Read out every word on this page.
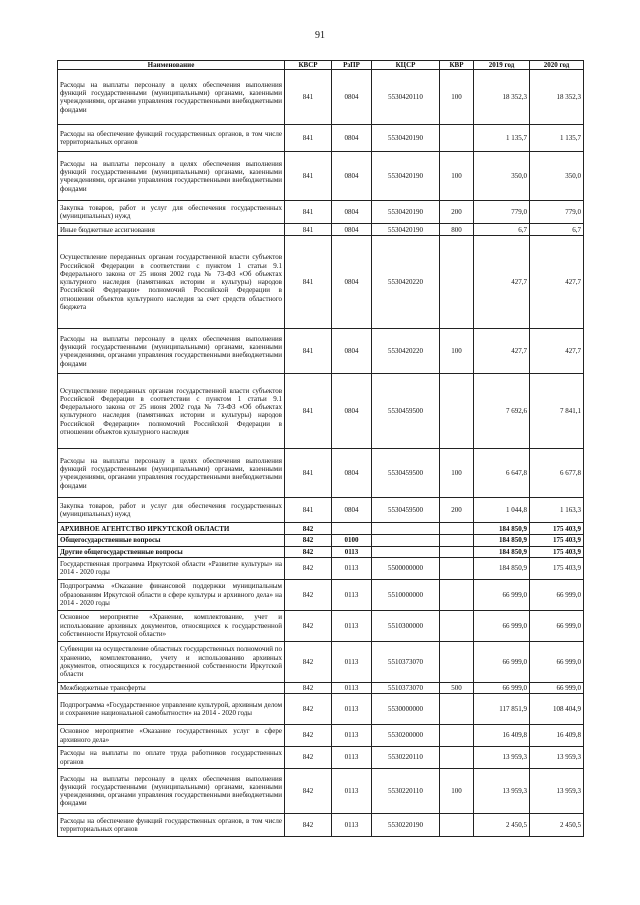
91
Наименование	КВСР	РзПР	КЦСР	КВР	2019 год	2020 год
Расходы на выплаты персоналу в целях обеспечения выполнения функций государственными (муниципальными) органами, казенными учреждениями, органами управления государственными внебюджетными фондами	841	0804	5530420110	100	18 352,3	18 352,3
Расходы на обеспечение функций государственных органов, в том числе территориальных органов	841	0804	5530420190		1 135,7	1 135,7
Расходы на выплаты персоналу в целях обеспечения выполнения функций государственными (муниципальными) органами, казенными учреждениями, органами управления государственными внебюджетными фондами	841	0804	5530420190	100	350,0	350,0
Закупка товаров, работ и услуг для обеспечения государственных (муниципальных) нужд	841	0804	5530420190	200	779,0	779,0
Иные бюджетные ассигнования	841	0804	5530420190	800	6,7	6,7
Осуществление переданных органам государственной власти субъектов Российской Федерации в соответствии с пунктом 1 статьи 9.1 Федерального закона от 25 июня 2002 года № 73-ФЗ «Об объектах культурного наследия (памятниках истории и культуры) народов Российской Федерации» полномочий Российской Федерации в отношении объектов культурного наследия за счет средств областного бюджета	841	0804	5530420220		427,7	427,7
Расходы на выплаты персоналу в целях обеспечения выполнения функций государственными (муниципальными) органами, казенными учреждениями, органами управления государственными внебюджетными фондами	841	0804	5530420220	100	427,7	427,7
Осуществление переданных органам государственной власти субъектов Российской Федерации в соответствии с пунктом 1 статьи 9.1 Федерального закона от 25 июня 2002 года № 73-ФЗ «Об объектах культурного наследия (памятниках истории и культуры) народов Российской Федерации» полномочий Российской Федерации в отношении объектов культурного наследия	841	0804	5530459500		7 692,6	7 841,1
Расходы на выплаты персоналу в целях обеспечения выполнения функций государственными (муниципальными) органами, казенными учреждениями, органами управления государственными внебюджетными фондами	841	0804	5530459500	100	6 647,8	6 677,8
Закупка товаров, работ и услуг для обеспечения государственных (муниципальных) нужд	841	0804	5530459500	200	1 044,8	1 163,3
АРХИВНОЕ АГЕНТСТВО ИРКУТСКОЙ ОБЛАСТИ	842				184 850,9	175 403,9
Общегосударственные вопросы	842	0100			184 850,9	175 403,9
Другие общегосударственные вопросы	842	0113			184 850,9	175 403,9
Государственная программа Иркутской области «Развитие культуры» на 2014 - 2020 годы	842	0113	5500000000		184 850,9	175 403,9
Подпрограмма «Оказание финансовой поддержки муниципальным образованиям Иркутской области в сфере культуры и архивного дела» на 2014 - 2020 годы	842	0113	5510000000		66 999,0	66 999,0
Основное мероприятие «Хранение, комплектование, учет и использование архивных документов, относящихся к государственной собственности Иркутской области»	842	0113	5510300000		66 999,0	66 999,0
Субвенции на осуществление областных государственных полномочий по хранению, комплектованию, учету и использованию архивных документов, относящихся к государственной собственности Иркутской области	842	0113	5510373070		66 999,0	66 999,0
Межбюджетные трансферты	842	0113	5510373070	500	66 999,0	66 999,0
Подпрограмма «Государственное управление культурой, архивным делом и сохранение национальной самобытности» на 2014 - 2020 годы	842	0113	5530000000		117 851,9	108 404,9
Основное мероприятие «Оказание государственных услуг в сфере архивного дела»	842	0113	5530200000		16 409,8	16 409,8
Расходы на выплаты по оплате труда работников государственных органов	842	0113	5530220110		13 959,3	13 959,3
Расходы на выплаты персоналу в целях обеспечения выполнения функций государственными (муниципальными) органами, казенными учреждениями, органами управления государственными внебюджетными фондами	842	0113	5530220110	100	13 959,3	13 959,3
Расходы на обеспечение функций государственных органов, в том числе территориальных органов	842	0113	5530220190		2 450,5	2 450,5
